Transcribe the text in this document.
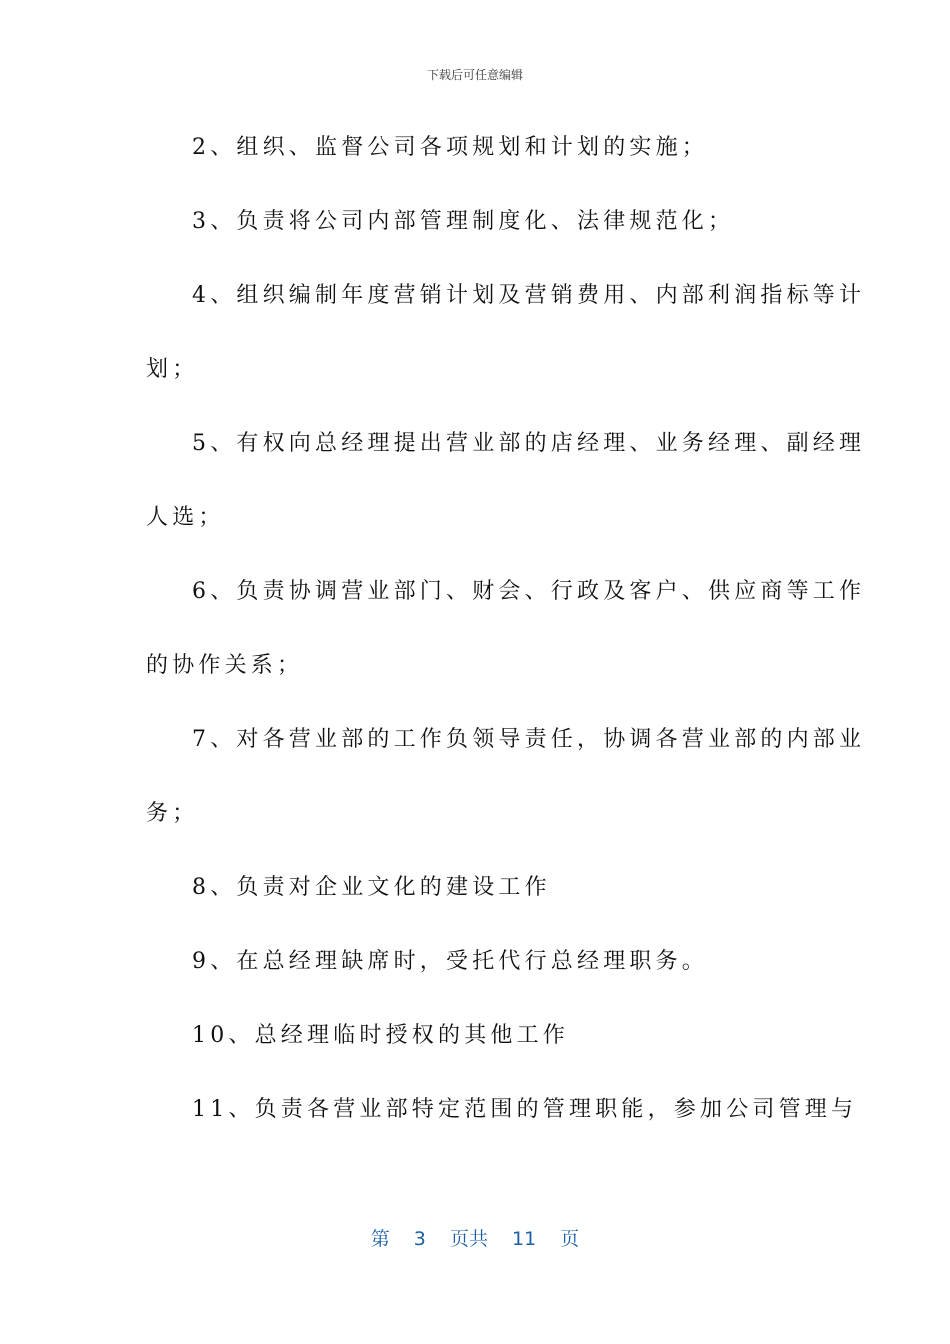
下载后可任意编辑
2、组织、监督公司各项规划和计划的实施；
3、负责将公司内部管理制度化、法律规范化；
4、组织编制年度营销计划及营销费用、内部利润指标等计
划；
5、有权向总经理提出营业部的店经理、业务经理、副经理
人选；
6、负责协调营业部门、财会、行政及客户、供应商等工作
的协作关系；
7、对各营业部的工作负领导责任，协调各营业部的内部业
务；
8、负责对企业文化的建设工作
9、在总经理缺席时，受托代行总经理职务。
10、总经理临时授权的其他工作
11、负责各营业部特定范围的管理职能，参加公司管理与
第 3 页共 11 页
